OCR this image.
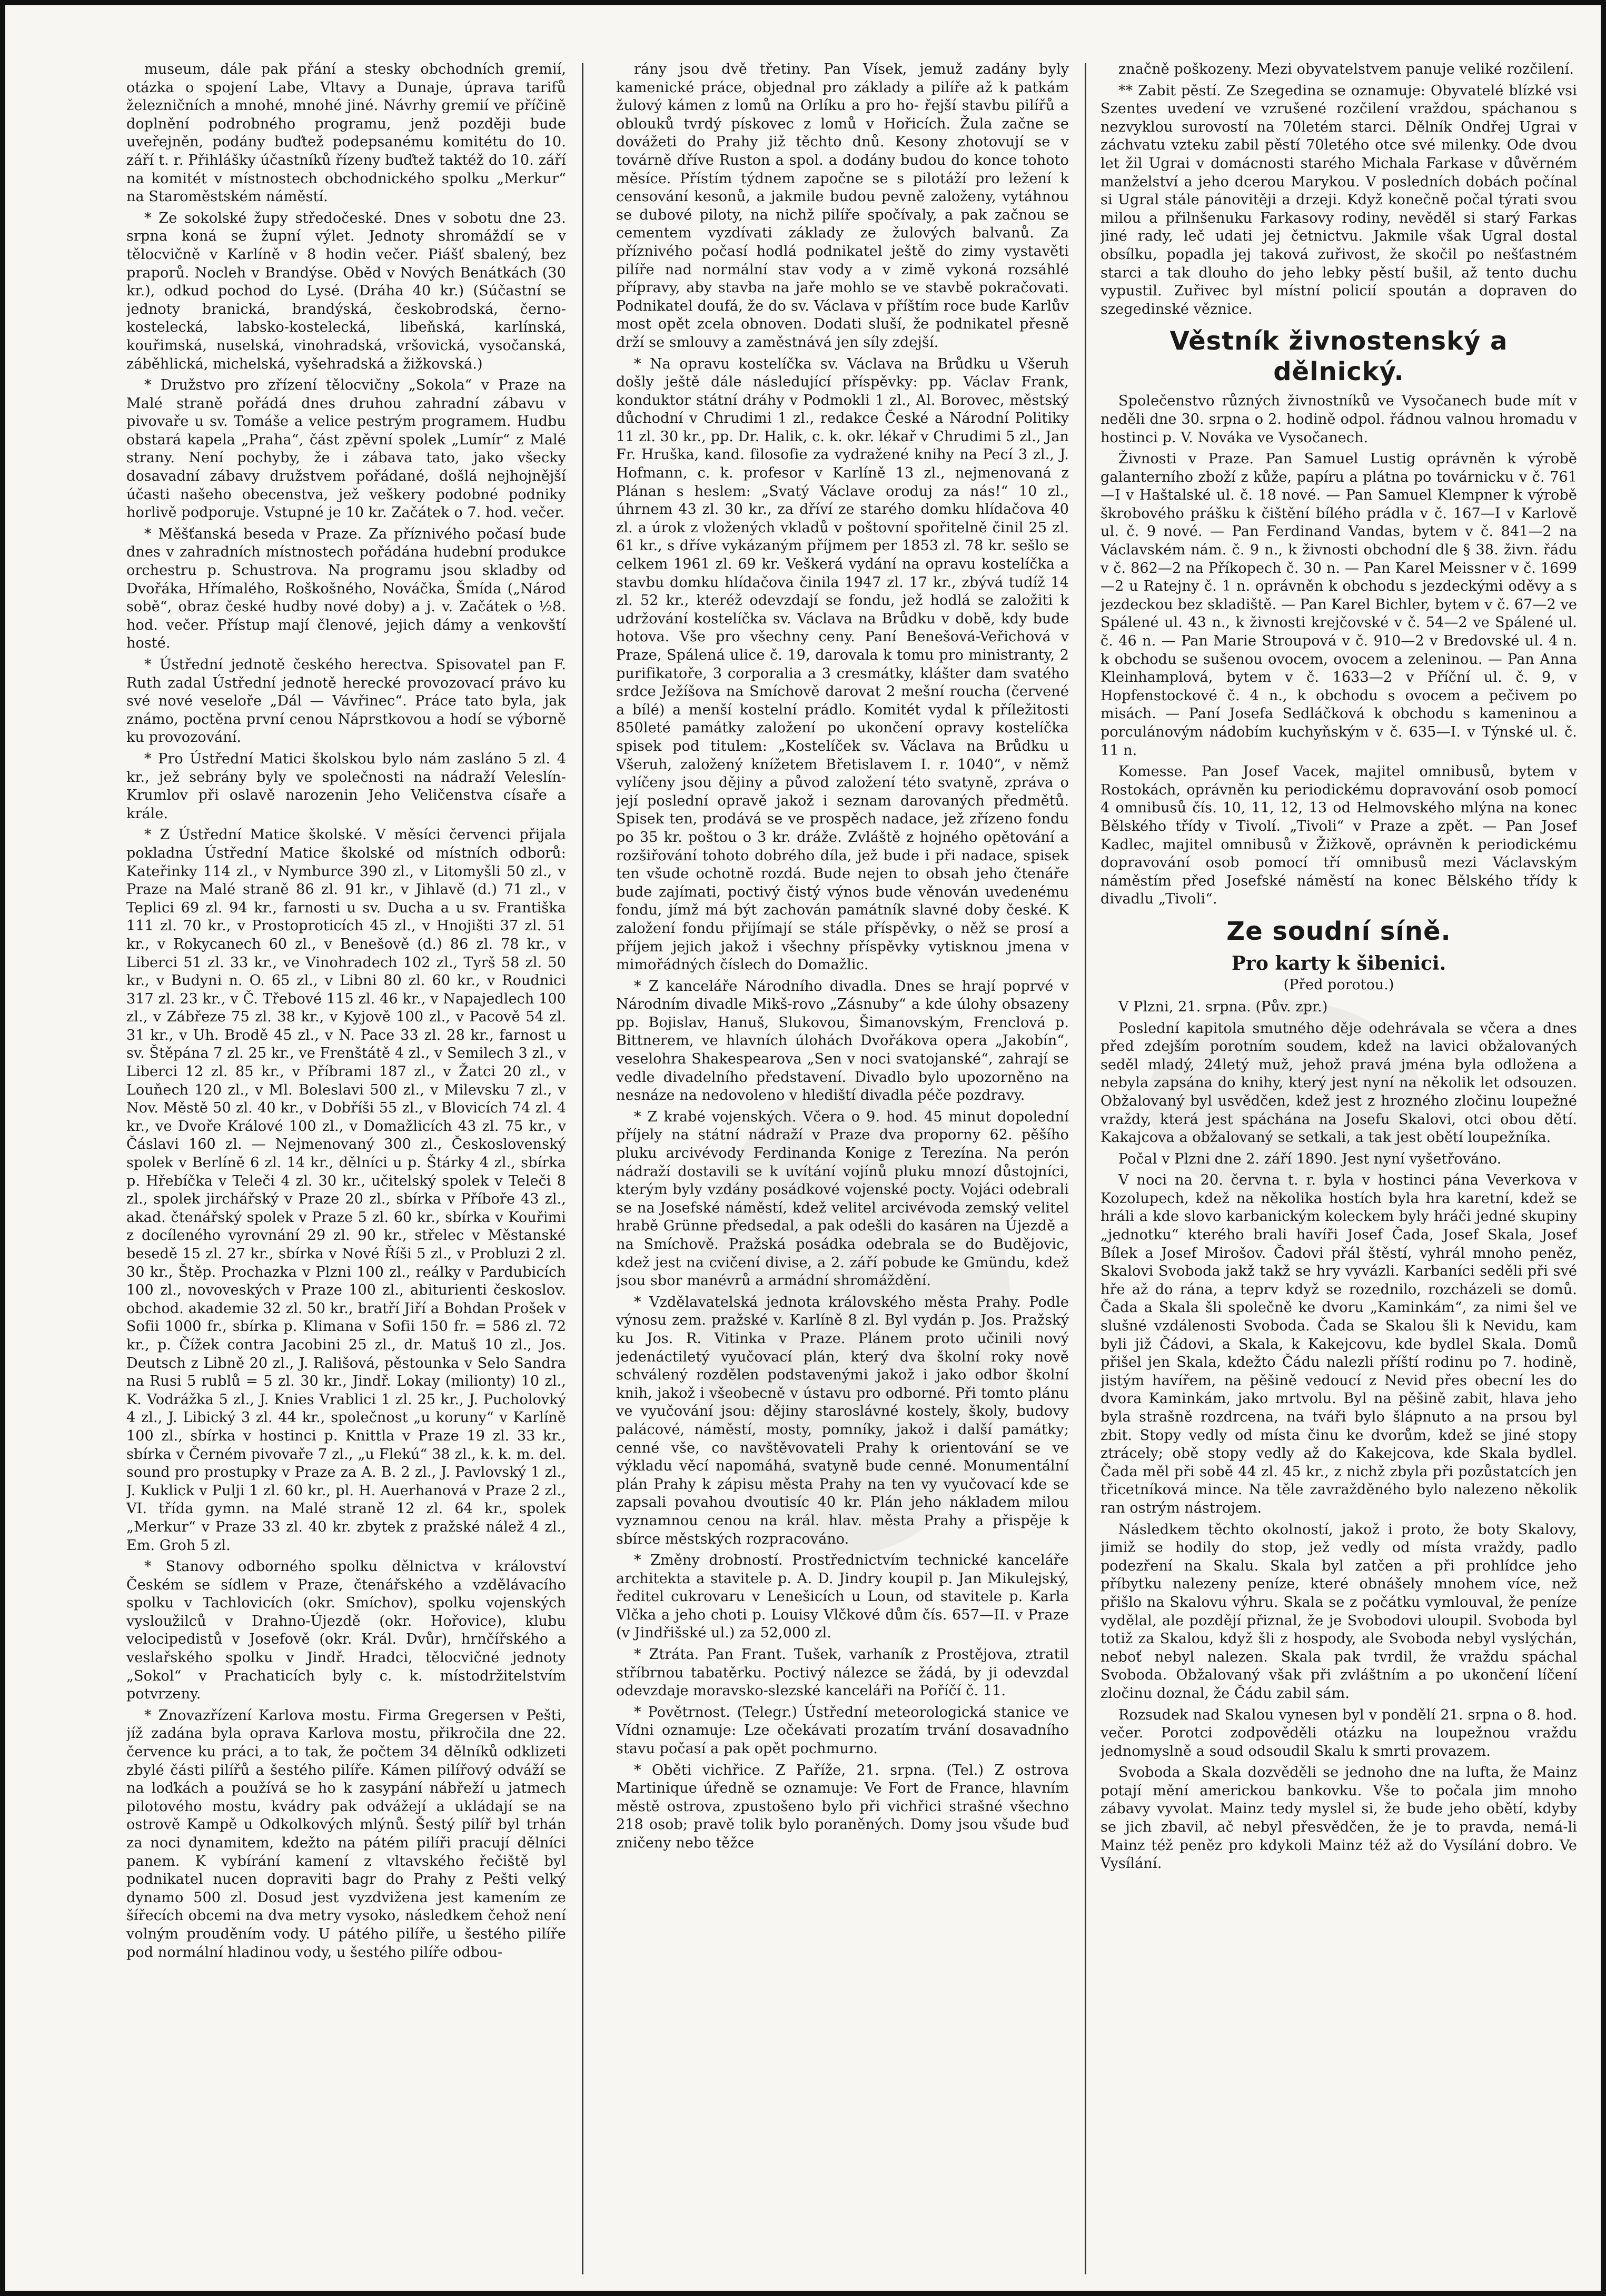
museum, dále pak přání a stesky obchodních gremií, otázka o spojení Labe, Vltavy a Dunaje, úprava tarifů železničních a mnohé, mnohé jiné. Návrhy gremií ve příčině doplnění podrobného programu, jenž později bude uveřejněn, podány buďtež podepsanému komitétu do 10. září t. r. Přihlášky účastníků řízeny buďtež taktéž do 10. září na komitét v místnostech obchodnického spolku „Merkur“ na Staroměstském náměstí.

* Ze sokolské župy středočeské. Dnes v sobotu dne 23. srpna koná se župní výlet. Jednoty shromáždí se v tělocvičně v Karlíně v 8 hodin večer. Piášť sbalený, bez praporů. Nocleh v Brandýse. Oběd v Nových Benátkách (30 kr.), odkud pochod do Lysé. (Dráha 40 kr.) (Súčastní se jednoty branická, brandýská, českobrodská, černo-kostelecká, labsko-kostelecká, libeňská, karlínská, kouřimská, nuselská, vinohradská, vršovická, vysočanská, záběhlická, michelská, vyšehradská a žižkovská.)

* Družstvo pro zřízení tělocvičny „Sokola“ v Praze na Malé straně pořádá dnes druhou zahradní zábavu v pivovaře u sv. Tomáše a velice pestrým programem. Hudbu obstará kapela „Praha“, část zpěvní spolek „Lumír“ z Malé strany. Není pochyby, že i zábava tato, jako všecky dosavadní zábavy družstvem pořádané, došlá nejhojnější účasti našeho obecenstva, jež veškery podobné podniky horlivě podporuje. Vstupné je 10 kr. Začátek o 7. hod. večer.

* Měšťanská beseda v Praze. Za příznivého počasí bude dnes v zahradních místnostech pořádána hudební produkce orchestru p. Schustrova. Na programu jsou skladby od Dvořáka, Hřímalého, Roškošného, Nováčka, Šmída („Národ sobě“, obraz české hudby nové doby) a j. v. Začátek o ½8. hod. večer. Přístup mají členové, jejich dámy a venkovští hosté.

* Ústřední jednotě českého herectva. Spisovatel pan F. Ruth zadal Ústřední jednotě herecké provozovací právo ku své nové veseloře „Dál — Vávřinec“. Práce tato byla, jak známo, poctěna první cenou Náprstkovou a hodí se výborně ku provozování.

* Pro Ústřední Matici školskou bylo nám zasláno 5 zl. 4 kr., jež sebrány byly ve společnosti na nádraží Veleslín-Krumlov při oslavě narozenin Jeho Veličenstva císaře a krále.

* Z Ústřední Matice školské. V měsíci červenci přijala pokladna Ústřední Matice školské od místních odborů: Kateřinky 114 zl., v Nymburce 390 zl., v Litomyšli 50 zl., v Praze na Malé straně 86 zl. 91 kr., v Jihlavě (d.) 71 zl., v Teplici 69 zl. 94 kr., farnosti u sv. Ducha a u sv. Františka 111 zl. 70 kr., v Prostoproticích 45 zl., v Hnojišti 37 zl. 51 kr., v Rokycanech 60 zl., v Benešově (d.) 86 zl. 78 kr., v Liberci 51 zl. 33 kr., ve Vinohradech 102 zl., Tyrš 58 zl. 50 kr., v Budyni n. O. 65 zl., v Libni 80 zl. 60 kr., v Roudnici 317 zl. 23 kr., v Č. Třebové 115 zl. 46 kr., v Napajedlech 100 zl., v Zábřeze 75 zl. 38 kr., v Kyjově 100 zl., v Pacově 54 zl. 31 kr., v Uh. Brodě 45 zl., v N. Pace 33 zl. 28 kr., farnost u sv. Štěpána 7 zl. 25 kr., ve Frenštátě 4 zl., v Semilech 3 zl., v Liberci 12 zl. 85 kr., v Příbrami 187 zl., v Žatci 20 zl., v Louňech 120 zl., v Ml. Boleslavi 500 zl., v Milevsku 7 zl., v Nov. Městě 50 zl. 40 kr., v Dobříši 55 zl., v Blovicích 74 zl. 4 kr., ve Dvoře Králové 100 zl., v Domažlicích 43 zl. 75 kr., v Čáslavi 160 zl. — Nejmenovaný 300 zl., Československý spolek v Berlíně 6 zl. 14 kr., dělníci u p. Štárky 4 zl., sbírka p. Hřebíčka v Teleči 4 zl. 30 kr., učitelský spolek v Teleči 8 zl., spolek jirchářský v Praze 20 zl., sbírka v Příboře 43 zl., akad. čtenářský spolek v Praze 5 zl. 60 kr., sbírka v Kouřimi z docíleného vyrovnání 29 zl. 90 kr., střelec v Městanské besedě 15 zl. 27 kr., sbírka v Nové Říši 5 zl., v Probluzi 2 zl. 30 kr., Štěp. Prochazka v Plzni 100 zl., reálky v Pardubicích 100 zl., novoveských v Praze 100 zl., abiturienti českoslov. obchod. akademie 32 zl. 50 kr., bratří Jiří a Bohdan Prošek v Sofii 1000 fr., sbírka p. Klimana v Sofii 150 fr. = 586 zl. 72 kr., p. Čížek contra Jacobini 25 zl., dr. Matuš 10 zl., Jos. Deutsch z Libně 20 zl., J. Rališová, pěstounka v Selo Sandra na Rusi 5 rublů = 5 zl. 30 kr., Jindř. Lokay (milionty) 10 zl., K. Vodrážka 5 zl., J. Knies Vrablici 1 zl. 25 kr., J. Pucholovký 4 zl., J. Libický 3 zl. 44 kr., společnost „u koruny“ v Karlíně 100 zl., sbírka v hostinci p. Knittla v Praze 19 zl. 33 kr., sbírka v Černém pivovaře 7 zl., „u Flekú“ 38 zl., k. k. m. del. sound pro prostupky v Praze za A. B. 2 zl., J. Pavlovský 1 zl., J. Kuklick v Pulji 1 zl. 60 kr., pl. H. Auerhanová v Praze 2 zl., VI. třída gymn. na Malé straně 12 zl. 64 kr., spolek „Merkur“ v Praze 33 zl. 40 kr. zbytek z pražské nálež 4 zl., Em. Groh 5 zl.

* Stanovy odborného spolku dělnictva v království Českém se sídlem v Praze, čtenářského a vzdělávacího spolku v Tachlovicích (okr. Smíchov), spolku vojenských vysloužilců v Drahno-Újezdě (okr. Hořovice), klubu velocipedistů v Josefově (okr. Král. Dvůr), hrnčířského a veslařského spolku v Jindř. Hradci, tělocvičné jednoty „Sokol“ v Prachaticích byly c. k. místodržitelstvím potvrzeny.

* Znovazřízení Karlova mostu. Firma Gregersen v Pešti, jíž zadána byla oprava Karlova mostu, přikročila dne 22. července ku práci, a to tak, že počtem 34 dělníků odklizeti zbylé části pilířů a šestého pilíře. Kámen pilířový odváží se na loďkách a používá se ho k zasypání nábřeží u jatmech pilotového mostu, kvádry pak odvážejí a ukládají se na ostrově Kampě u Odkolkových mlýnů. Šestý pilíř byl trhán za noci dynamitem, kdežto na pátém pilíři pracují dělníci panem. K vybírání kamení z vltavského řečiště byl podnikatel nucen dopraviti bagr do Prahy z Pešti velký dynamo 500 zl. Dosud jest vyzdvižena jest kamením ze šířecích obcemi na dva metry vysoko, následkem čehož není volným prouděním vody. U pátého pilíře, u šestého pilíře pod normální hladinou vody, u šestého pilíře odbou-

rány jsou dvě třetiny. Pan Vísek, jemuž zadány byly kamenické práce, objednal pro základy a pilíře až k patkám žulový kámen z lomů na Orlíku a pro ho- řejší stavbu pilířů a oblouků tvrdý pískovec z lomů v Hořicích. Žula začne se dovážeti do Prahy již těchto dnů. Kesony zhotovují se v továrně dříve Ruston a spol. a dodány budou do konce tohoto měsíce. Přístím týdnem započne se s pilotáží pro ležení k censování kesonů, a jakmile budou pevně založeny, vytáhnou se dubové piloty, na nichž pilíře spočívaly, a pak začnou se cementem vyzdívati základy ze žulových balvanů. Za příznivého počasí hodlá podnikatel ještě do zimy vystavěti pilíře nad normální stav vody a v zimě vykoná rozsáhlé přípravy, aby stavba na jaře mohlo se ve stavbě pokračovati. Podnikatel doufá, že do sv. Václava v příštím roce bude Karlův most opět zcela obnoven. Dodati sluší, že podnikatel přesně drží se smlouvy a zaměstnává jen síly zdejší.

* Na opravu kostelíčka sv. Václava na Brůdku u Všeruh došly ještě dále následující příspěvky: pp. Václav Frank, konduktor státní dráhy v Podmokli 1 zl., Al. Borovec, městský důchodní v Chrudimi 1 zl., redakce České a Národní Politiky 11 zl. 30 kr., pp. Dr. Halik, c. k. okr. lékař v Chrudimi 5 zl., Jan Fr. Hruška, kand. filosofie za vydražené knihy na Pecí 3 zl., J. Hofmann, c. k. profesor v Karlíně 13 zl., nejmenovaná z Plánan s heslem: „Svatý Václave oroduj za nás!“ 10 zl., úhrnem 43 zl. 30 kr., za dříví ze starého domku hlídačova 40 zl. a úrok z vložených vkladů v poštovní spořitelně činil 25 zl. 61 kr., s dříve vykázaným příjmem per 1853 zl. 78 kr. sešlo se celkem 1961 zl. 69 kr. Veškerá vydání na opravu kostelíčka a stavbu domku hlídačova činila 1947 zl. 17 kr., zbývá tudíž 14 zl. 52 kr., kteréž odevzdají se fondu, jež hodlá se založiti k udržování kostelíčka sv. Václava na Brůdku v době, kdy bude hotova. Vše pro všechny ceny. Paní Benešová-Veřichová v Praze, Spálená ulice č. 19, darovala k tomu pro ministranty, 2 purifikatoře, 3 corporalia a 3 cresmátky, klášter dam svatého srdce Ježíšova na Smíchově darovat 2 mešní roucha (červené a bílé) a menší kostelní prádlo. Komitét vydal k příležitosti 850leté památky založení po ukončení opravy kostelíčka spisek pod titulem: „Kostelíček sv. Václava na Brůdku u Všeruh, založený knížetem Břetislavem I. r. 1040“, v němž vylíčeny jsou dějiny a původ založení této svatyně, zpráva o její poslední opravě jakož i seznam darovaných předmětů. Spisek ten, prodává se ve prospěch nadace, jež zřízeno fondu po 35 kr. poštou o 3 kr. dráže. Zvláště z hojného opětování a rozšiřování tohoto dobrého díla, jež bude i při nadace, spisek ten všude ochotně rozdá. Bude nejen to obsah jeho čtenáře bude zajímati, poctivý čistý výnos bude věnován uvedenému fondu, jímž má být zachován památník slavné doby české. K založení fondu přijímají se stále příspěvky, o něž se prosí a příjem jejich jakož i všechny příspěvky vytisknou jmena v mimořádných číslech do Domažlic.

* Z kanceláře Národního divadla. Dnes se hrají poprvé v Národním divadle Mikš-rovo „Zásnuby“ a kde úlohy obsazeny pp. Bojislav, Hanuš, Slukovou, Šimanovským, Frenclová p. Bittnerem, ve hlavních úlohách Dvořákova opera „Jakobín“, veselohra Shakespearova „Sen v noci svatojanské“, zahrají se vedle divadelního představení. Divadlo bylo upozorněno na nesnáze na nedovoleno v hlediští divadla péče pozdravy.

* Z krabé vojenských. Včera o 9. hod. 45 minut dopolední příjely na státní nádraží v Praze dva proporny 62. pěšího pluku arcivévody Ferdinanda Konige z Terezína. Na perón nádraží dostavili se k uvítání vojínů pluku mnozí důstojníci, kterým byly vzdány posádkové vojenské pocty. Vojáci odebrali se na Josefské náměstí, kdež velitel arcivévoda zemský velitel hrabě Grünne předsedal, a pak odešli do kasáren na Újezdě a na Smíchově. Pražská posádka odebrala se do Budějovic, kdež jest na cvičení divise, a 2. září pobude ke Gmündu, kdež jsou sbor manévrů a armádní shromáždění.

* Vzdělavatelská jednota královského města Prahy. Podle výnosu zem. pražské v. Karlíně 8 zl. Byl vydán p. Jos. Pražský ku Jos. R. Vitinka v Praze. Plánem proto učinili nový jedenáctiletý vyučovací plán, který dva školní roky nově schválený rozdělen podstavenými jakož i jako odbor školní knih, jakož i všeobecně v ústavu pro odborné. Při tomto plánu ve vyučování jsou: dějiny staroslávné kostely, školy, budovy palácové, náměstí, mosty, pomníky, jakož i další památky; cenné vše, co navštěvovateli Prahy k orientování se ve výkladu věcí napomáhá, svatyně bude cenné. Monumentální plán Prahy k zápisu města Prahy na ten vy vyučovací kde se zapsali povahou dvoutisíc 40 kr. Plán jeho nákladem milou vyznamnou cenou na král. hlav. města Prahy a přispěje k sbírce městských rozpracováno.

* Změny drobností. Prostřednictvím technické kanceláře architekta a stavitele p. A. D. Jindry koupil p. Jan Mikulejský, ředitel cukrovaru v Lenešicích u Loun, od stavitele p. Karla Vlčka a jeho choti p. Louisy Vlčkové dům čís. 657—II. v Praze (v Jindřišské ul.) za 52,000 zl.

* Ztráta. Pan Frant. Tušek, varhaník z Prostějova, ztratil stříbrnou tabatěrku. Poctivý nálezce se žádá, by ji odevzdal odevzdaje moravsko-slezské kanceláři na Poříčí č. 11.

* Povětrnost. (Telegr.) Ústřední meteorologická stanice ve Vídni oznamuje: Lze očekávati prozatím trvání dosavadního stavu počasí a pak opět pochmurno.

* Oběti vichřice. Z Paříže, 21. srpna. (Tel.) Z ostrova Martinique úředně se oznamuje: Ve Fort de France, hlavním městě ostrova, zpustošeno bylo při vichřici strašné všechno 218 osob; pravě tolik bylo poraněných. Domy jsou všude buď zničeny nebo těžce

značně poškozeny. Mezi obyvatelstvem panuje veliké rozčilení.

** Zabit pěstí. Ze Szegedina se oznamuje: Obyvatelé blízké vsi Szentes uvedení ve vzrušené rozčilení vraždou, spáchanou s nezvyklou surovostí na 70letém starci. Dělník Ondřej Ugrai v záchvatu vzteku zabil pěstí 70letého otce své milenky. Ode dvou let žil Ugrai v domácnosti starého Michala Farkase v důvěrném manželství a jeho dcerou Marykou. V posledních dobách počínal si Ugral stále pánovitěji a drzeji. Když konečně počal týrati svou milou a přilnšenuku Farkasovy rodiny, nevěděl si starý Farkas jiné rady, leč udati jej četnictvu. Jakmile však Ugral dostal obsílku, popadla jej taková zuřivost, že skočil po nešťastném starci a tak dlouho do jeho lebky pěstí bušil, až tento duchu vypustil. Zuřivec byl místní policií spoután a dopraven do szegedinské věznice.

Věstník živnostenský a dělnický.

Společenstvo různých živnostníků ve Vysočanech bude mít v neděli dne 30. srpna o 2. hodině odpol. řádnou valnou hromadu v hostinci p. V. Nováka ve Vysočanech.

Živnosti v Praze. Pan Samuel Lustig oprávněn k výrobě galanterního zboží z kůže, papíru a plátna po továrnicku v č. 761—I v Haštalské ul. č. 18 nové. — Pan Samuel Klempner k výrobě škrobového prášku k čištění bílého prádla v č. 167—I v Karlově ul. č. 9 nové. — Pan Ferdinand Vandas, bytem v č. 841—2 na Václavském nám. č. 9 n., k živnosti obchodní dle § 38. živn. řádu v č. 862—2 na Příkopech č. 30 n. — Pan Karel Meissner v č. 1699—2 u Ratejny č. 1 n. oprávněn k obchodu s jezdeckými oděvy a s jezdeckou bez skladiště. — Pan Karel Bichler, bytem v č. 67—2 ve Spálené ul. 43 n., k živnosti krejčovské v č. 54—2 ve Spálené ul. č. 46 n. — Pan Marie Stroupová v č. 910—2 v Bredovské ul. 4 n. k obchodu se sušenou ovocem, ovocem a zeleninou. — Pan Anna Kleinhamplová, bytem v č. 1633—2 v Příční ul. č. 9, v Hopfenstockové č. 4 n., k obchodu s ovocem a pečivem po misách. — Paní Josefa Sedláčková k obchodu s kameninou a porculánovým nádobím kuchyňským v č. 635—I. v Týnské ul. č. 11 n.

Komesse. Pan Josef Vacek, majitel omnibusů, bytem v Rostokách, oprávněn ku periodickému dopravování osob pomocí 4 omnibusů čís. 10, 11, 12, 13 od Helmovského mlýna na konec Bělského třídy v Tivolí. „Tivoli“ v Praze a zpět. — Pan Josef Kadlec, majitel omnibusů v Žižkově, oprávněn k periodickému dopravování osob pomocí tří omnibusů mezi Václavským náměstím před Josefské náměstí na konec Bělského třídy k divadlu „Tivoli“.

Ze soudní síně.
Pro karty k šibenici.
(Před porotou.)

V Plzni, 21. srpna. (Pův. zpr.)

Poslední kapitola smutného děje odehrávala se včera a dnes před zdejším porotním soudem, kdež na lavici obžalovaných seděl mladý, 24letý muž, jehož pravá jména byla odložena a nebyla zapsána do knihy, který jest nyní na několik let odsouzen. Obžalovaný byl usvědčen, kdež jest z hrozného zločinu loupežné vraždy, která jest spáchána na Josefu Skalovi, otci obou dětí. Kakajcova a obžalovaný se setkali, a tak jest obětí loupežníka.

Počal v Plzni dne 2. září 1890. Jest nyní vyšetřováno.

V noci na 20. června t. r. byla v hostinci pána Veverkova v Kozolupech, kdež na několika hostích byla hra karetní, kdež se hráli a kde slovo karbanickým koleckem byly hráči jedné skupiny „jednotku“ kterého brali havíři Josef Čada, Josef Skala, Josef Bílek a Josef Mirošov. Čadovi přál štěstí, vyhrál mnoho peněz, Skalovi Svoboda jakž takž se hry vyvázli. Karbaníci seděli při své hře až do rána, a teprv když se rozednilo, rozcházeli se domů. Čada a Skala šli společně ke dvoru „Kaminkám“, za nimi šel ve slušné vzdálenosti Svoboda. Čada se Skalou šli k Nevidu, kam byli již Čádovi, a Skala, k Kakejcovu, kde bydlel Skala. Domů přišel jen Skala, kdežto Čádu nalezli příští rodinu po 7. hodině, jistým havířem, na pěšině vedoucí z Nevid přes obecní les do dvora Kaminkám, jako mrtvolu. Byl na pěšině zabit, hlava jeho byla strašně rozdrcena, na tváři bylo šlápnuto a na prsou byl zbit. Stopy vedly od místa činu ke dvorům, kdež se jiné stopy ztrácely; obě stopy vedly až do Kakejcova, kde Skala bydlel. Čada měl při sobě 44 zl. 45 kr., z nichž zbyla při pozůstatcích jen třicetníková mince. Na těle zavražděného bylo nalezeno několik ran ostrým nástrojem.

Následkem těchto okolností, jakož i proto, že boty Skalovy, jimiž se hodily do stop, jež vedly od místa vraždy, padlo podezření na Skalu. Skala byl zatčen a při prohlídce jeho příbytku nalezeny peníze, které obnášely mnohem více, než přišlo na Skalovu výhru. Skala se z počátku vymlouval, že peníze vydělal, ale pozdějí přiznal, že je Svobodovi uloupil. Svoboda byl totiž za Skalou, když šli z hospody, ale Svoboda nebyl vyslýchán, neboť nebyl nalezen. Skala pak tvrdil, že vraždu spáchal Svoboda. Obžalovaný však při zvláštním a po ukončení líčení zločinu doznal, že Čádu zabil sám.

Rozsudek nad Skalou vynesen byl v pondělí 21. srpna o 8. hod. večer. Porotci zodpověděli otázku na loupežnou vraždu jednomyslně a soud odsoudil Skalu k smrti provazem.

Svoboda a Skala dozvěděli se jednoho dne na lufta, že Mainz potají mění americkou bankovku. Vše to počala jim mnoho zábavy vyvolat. Mainz tedy myslel si, že bude jeho obětí, kdyby se jich zbavil, ač nebyl přesvědčen, že je to pravda, nemá-li Mainz též peněz pro kdykoli Mainz též až do Vysílání dobro. Ve Vysílání.
